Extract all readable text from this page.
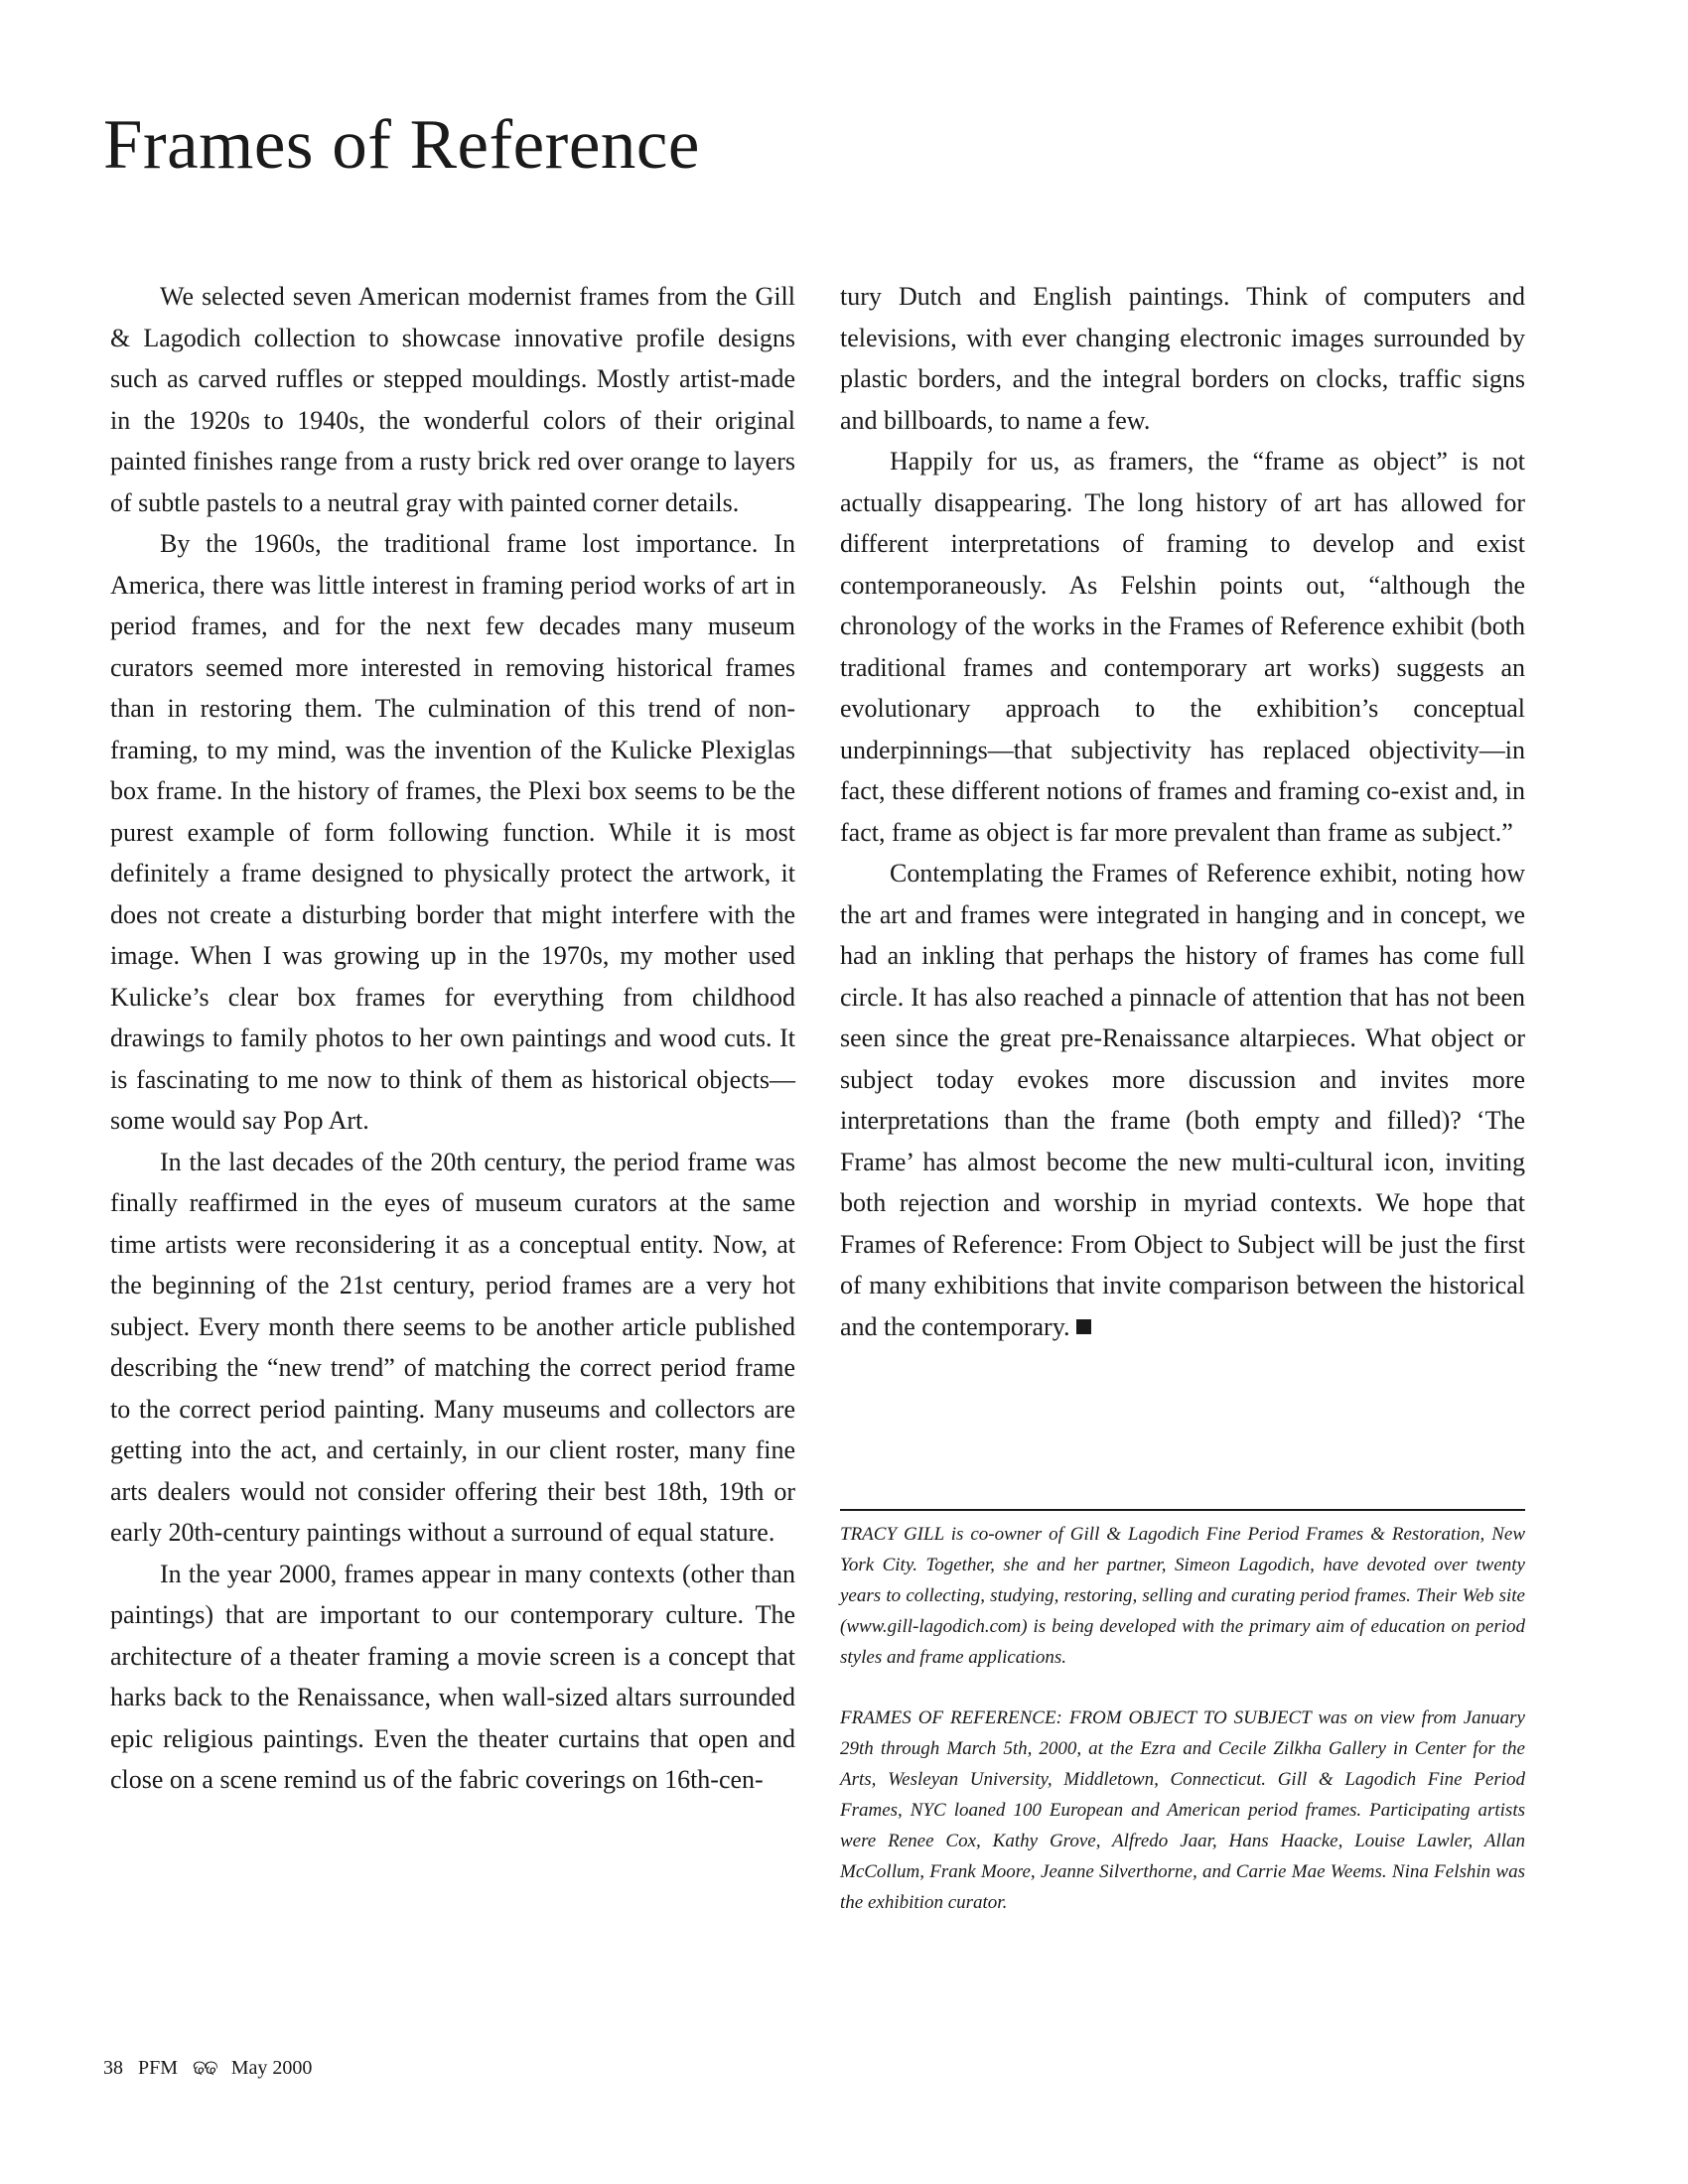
Frames of Reference

We selected seven American modernist frames from the Gill & Lagodich collection to showcase innovative profile designs such as carved ruffles or stepped mouldings. Mostly artist-made in the 1920s to 1940s, the wonderful colors of their original painted finishes range from a rusty brick red over orange to layers of subtle pastels to a neutral gray with painted corner details.

By the 1960s, the traditional frame lost importance. In America, there was little interest in framing period works of art in period frames, and for the next few decades many museum curators seemed more interested in removing historical frames than in restoring them. The culmination of this trend of non-framing, to my mind, was the invention of the Kulicke Plexiglas box frame. In the history of frames, the Plexi box seems to be the purest example of form following function. While it is most definitely a frame designed to physically protect the artwork, it does not create a disturbing border that might interfere with the image. When I was growing up in the 1970s, my mother used Kulicke’s clear box frames for everything from childhood drawings to family photos to her own paintings and wood cuts. It is fascinating to me now to think of them as historical objects— some would say Pop Art.

In the last decades of the 20th century, the period frame was finally reaffirmed in the eyes of museum curators at the same time artists were reconsidering it as a conceptual entity. Now, at the beginning of the 21st century, period frames are a very hot subject. Every month there seems to be another article published describing the “new trend” of matching the correct period frame to the correct period painting. Many museums and collectors are getting into the act, and certainly, in our client roster, many fine arts dealers would not consider offering their best 18th, 19th or early 20th-century paintings without a surround of equal stature.

In the year 2000, frames appear in many contexts (other than paintings) that are important to our contemporary culture. The architecture of a theater framing a movie screen is a concept that harks back to the Renaissance, when wall-sized altars surrounded epic religious paintings. Even the theater curtains that open and close on a scene remind us of the fabric coverings on 16th-cen-

tury Dutch and English paintings. Think of computers and televisions, with ever changing electronic images surrounded by plastic borders, and the integral borders on clocks, traffic signs and billboards, to name a few.

Happily for us, as framers, the “frame as object” is not actually disappearing. The long history of art has allowed for different interpretations of framing to develop and exist contemporaneously. As Felshin points out, “although the chronology of the works in the Frames of Reference exhibit (both traditional frames and contemporary art works) suggests an evolutionary approach to the exhibition’s conceptual underpinnings—that subjectivity has replaced objectivity—in fact, these different notions of frames and framing co-exist and, in fact, frame as object is far more prevalent than frame as subject.”

Contemplating the Frames of Reference exhibit, noting how the art and frames were integrated in hanging and in concept, we had an inkling that perhaps the history of frames has come full circle. It has also reached a pinnacle of attention that has not been seen since the great pre-Renaissance altarpieces. What object or subject today evokes more discussion and invites more interpretations than the frame (both empty and filled)? ‘The Frame’ has almost become the new multi-cultural icon, inviting both rejection and worship in myriad contexts. We hope that Frames of Reference: From Object to Subject will be just the first of many exhibitions that invite comparison between the historical and the contemporary.

TRACY GILL is co-owner of Gill & Lagodich Fine Period Frames & Restoration, New York City. Together, she and her partner, Simeon Lagodich, have devoted over twenty years to collecting, studying, restoring, selling and curating period frames. Their Web site (www.gill-lagodich.com) is being developed with the primary aim of education on period styles and frame applications.

FRAMES OF REFERENCE: FROM OBJECT TO SUBJECT was on view from January 29th through March 5th, 2000, at the Ezra and Cecile Zilkha Gallery in Center for the Arts, Wesleyan University, Middletown, Connecticut. Gill & Lagodich Fine Period Frames, NYC loaned 100 European and American period frames. Participating artists were Renee Cox, Kathy Grove, Alfredo Jaar, Hans Haacke, Louise Lawler, Allan McCollum, Frank Moore, Jeanne Silverthorne, and Carrie Mae Weems. Nina Felshin was the exhibition curator.

38 PFM ଢଢ May 2000
